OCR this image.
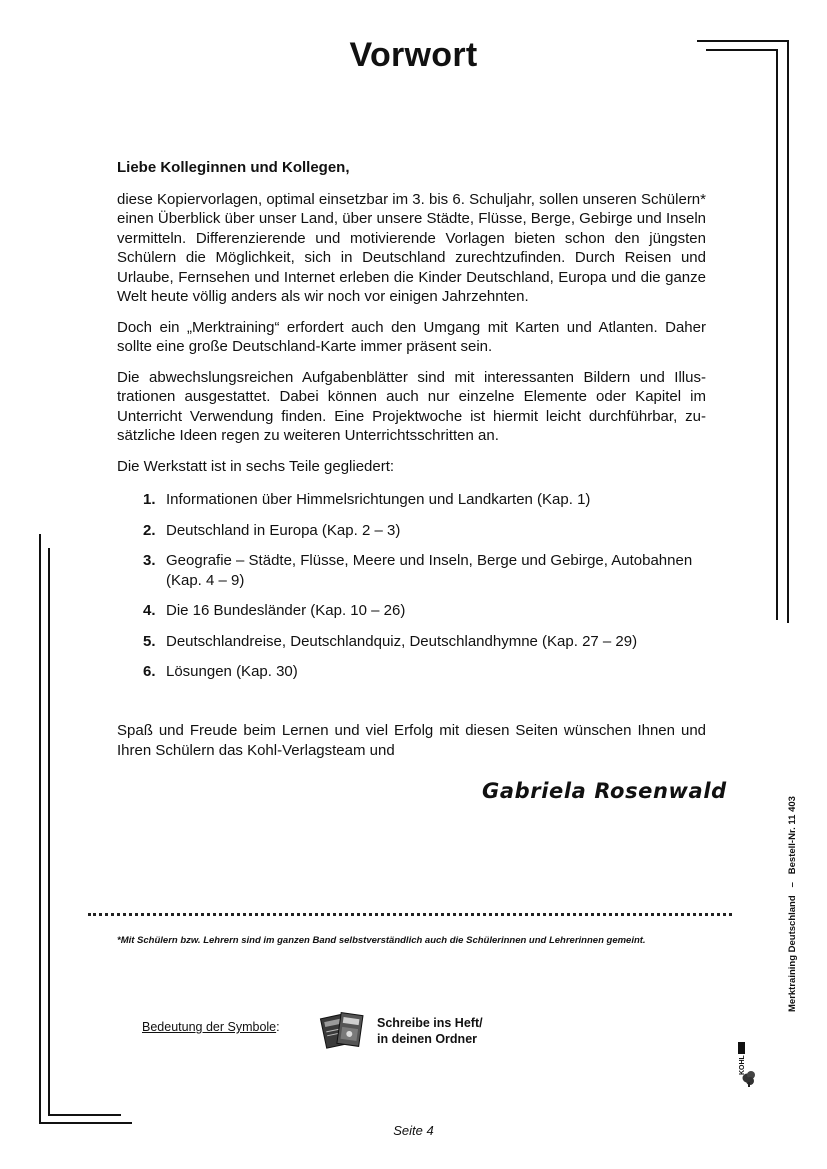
Vorwort

Liebe Kolleginnen und Kollegen,

diese Kopiervorlagen, optimal einsetzbar im 3. bis 6. Schuljahr, sollen unseren Schülern* einen Überblick über unser Land, über unsere Städte, Flüsse, Berge, Gebirge und Inseln vermitteln. Differenzierende und motivierende Vorlagen bieten schon den jüngsten Schülern die Möglichkeit, sich in Deutschland zurechtzufinden. Durch Reisen und Urlaube, Fernsehen und Internet erleben die Kinder Deutschland, Europa und die ganze Welt heute völlig anders als wir noch vor einigen Jahrzehnten.

Doch ein „Merktraining“ erfordert auch den Umgang mit Karten und Atlanten. Daher sollte eine große Deutschland-Karte immer präsent sein.

Die abwechslungsreichen Aufgabenblätter sind mit interessanten Bildern und Illustrationen ausgestattet. Dabei können auch nur einzelne Elemente oder Kapitel im Unterricht Verwendung finden. Eine Projektwoche ist hiermit leicht durchführbar, zusätzliche Ideen regen zu weiteren Unterrichtsschritten an.

Die Werkstatt ist in sechs Teile gegliedert:

1. Informationen über Himmelsrichtungen und Landkarten (Kap. 1)
2. Deutschland in Europa (Kap. 2 – 3)
3. Geografie – Städte, Flüsse, Meere und Inseln, Berge und Gebirge, Autobahnen (Kap. 4 – 9)
4. Die 16 Bundesländer (Kap. 10 – 26)
5. Deutschlandreise, Deutschlandquiz, Deutschlandhymne (Kap. 27 – 29)
6. Lösungen (Kap. 30)

Spaß und Freude beim Lernen und viel Erfolg mit diesen Seiten wünschen Ihnen und Ihren Schülern das Kohl-Verlagsteam und

Gabriela Rosenwald
*Mit Schülern bzw. Lehrern sind im ganzen Band selbstverständlich auch die Schülerinnen und Lehrerinnen gemeint.
Bedeutung der Symbole:	Schreibe ins Heft/
in deinen Ordner
Merktraining Deutschland   –   Bestell-Nr. 11 403
KOHL
Seite 4
